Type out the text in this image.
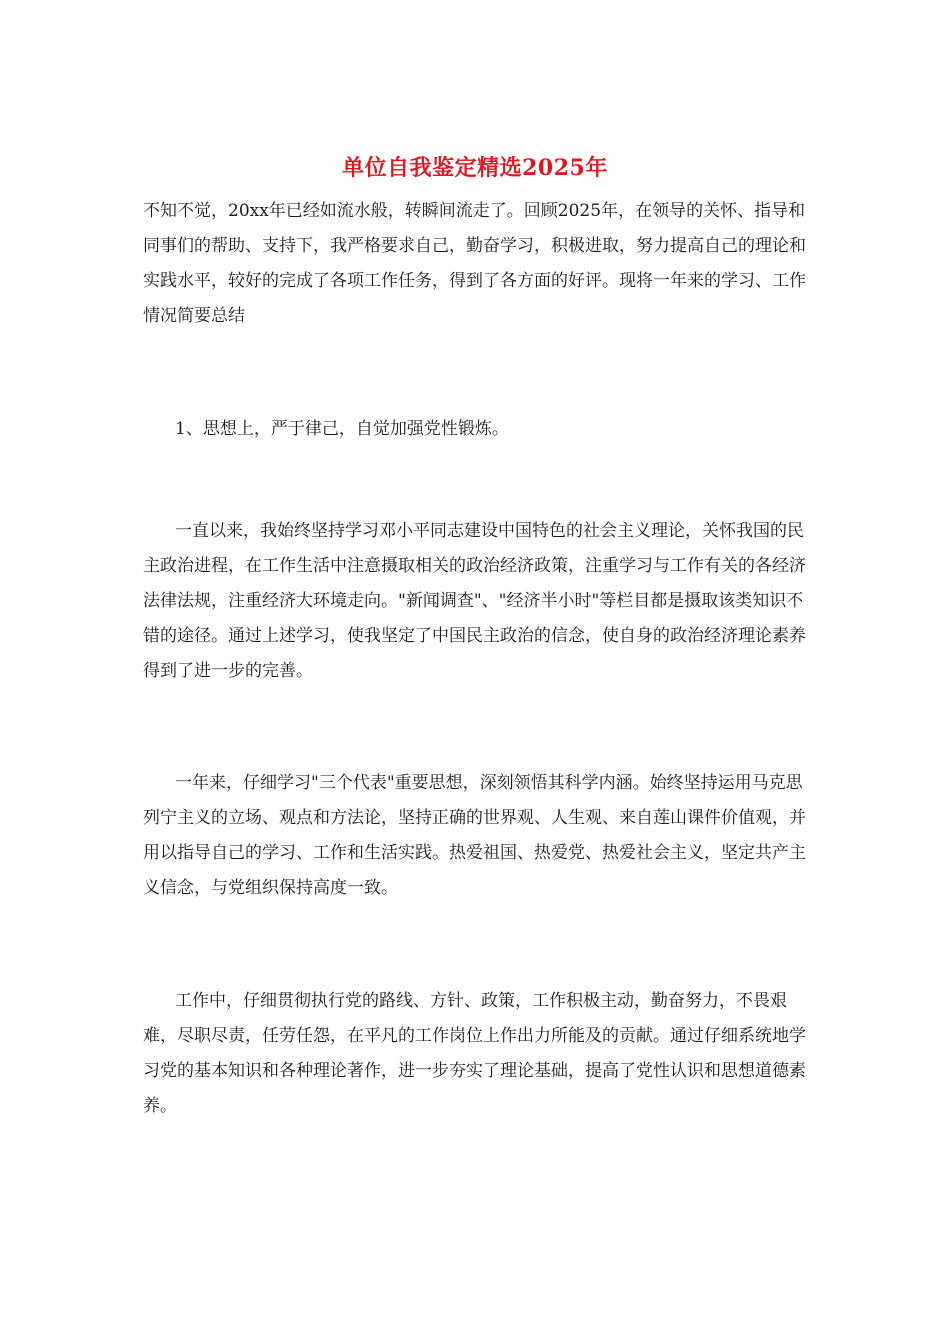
单位自我鉴定精选2025年
不知不觉，20xx年已经如流水般，转瞬间流走了。回顾2025年，在领导的关怀、指导和同事们的帮助、支持下，我严格要求自己，勤奋学习，积极进取，努力提高自己的理论和实践水平，较好的完成了各项工作任务，得到了各方面的好评。现将一年来的学习、工作情况简要总结
1、思想上，严于律己，自觉加强党性锻炼。
一直以来，我始终坚持学习邓小平同志建设中国特色的社会主义理论，关怀我国的民主政治进程，在工作生活中注意摄取相关的政治经济政策，注重学习与工作有关的各经济法律法规，注重经济大环境走向。"新闻调查"、"经济半小时"等栏目都是摄取该类知识不错的途径。通过上述学习，使我坚定了中国民主政治的信念，使自身的政治经济理论素养得到了进一步的完善。
一年来，仔细学习"三个代表"重要思想，深刻领悟其科学内涵。始终坚持运用马克思列宁主义的立场、观点和方法论，坚持正确的世界观、人生观、来自莲山课件价值观，并用以指导自己的学习、工作和生活实践。热爱祖国、热爱党、热爱社会主义，坚定共产主义信念，与党组织保持高度一致。
工作中，仔细贯彻执行党的路线、方针、政策，工作积极主动，勤奋努力，不畏艰难，尽职尽责，任劳任怨，在平凡的工作岗位上作出力所能及的贡献。通过仔细系统地学习党的基本知识和各种理论著作，进一步夯实了理论基础，提高了党性认识和思想道德素养。
